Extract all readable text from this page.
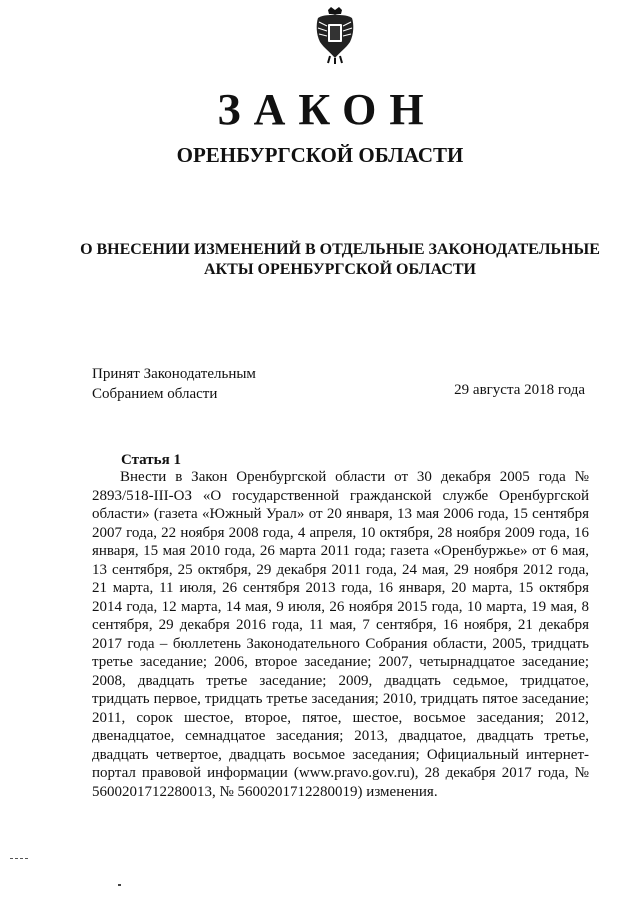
ЗАКОН
ОРЕНБУРГСКОЙ ОБЛАСТИ
О ВНЕСЕНИИ ИЗМЕНЕНИЙ В ОТДЕЛЬНЫЕ ЗАКОНОДАТЕЛЬНЫЕ
АКТЫ ОРЕНБУРГСКОЙ ОБЛАСТИ
Принят Законодательным
Собранием области	29 августа 2018 года
Статья 1
Внести в Закон Оренбургской области от 30 декабря 2005 года № 2893/518-III-ОЗ «О государственной гражданской службе Оренбургской области» (газета «Южный Урал» от 20 января, 13 мая 2006 года, 15 сентября 2007 года, 22 ноября 2008 года, 4 апреля, 10 октября, 28 ноября 2009 года, 16 января, 15 мая 2010 года, 26 марта 2011 года; газета «Оренбуржье» от 6 мая, 13 сентября, 25 октября, 29 декабря 2011 года, 24 мая, 29 ноября 2012 года, 21 марта, 11 июля, 26 сентября 2013 года, 16 января, 20 марта, 15 октября 2014 года, 12 марта, 14 мая, 9 июля, 26 ноября 2015 года, 10 марта, 19 мая, 8 сентября, 29 декабря 2016 года, 11 мая, 7 сентября, 16 ноября, 21 декабря 2017 года – бюллетень Законодательного Собрания области, 2005, тридцать третье заседание; 2006, второе заседание; 2007, четырнадцатое заседание; 2008, двадцать третье заседание; 2009, двадцать седьмое, тридцатое, тридцать первое, тридцать третье заседания; 2010, тридцать пятое заседание; 2011, сорок шестое, второе, пятое, шестое, восьмое заседания; 2012, двенадцатое, семнадцатое заседания; 2013, двадцатое, двадцать третье, двадцать четвертое, двадцать восьмое заседания; Официальный интернет-портал правовой информации (www.pravo.gov.ru), 28 декабря 2017 года, № 5600201712280013, № 5600201712280019) изменения.
